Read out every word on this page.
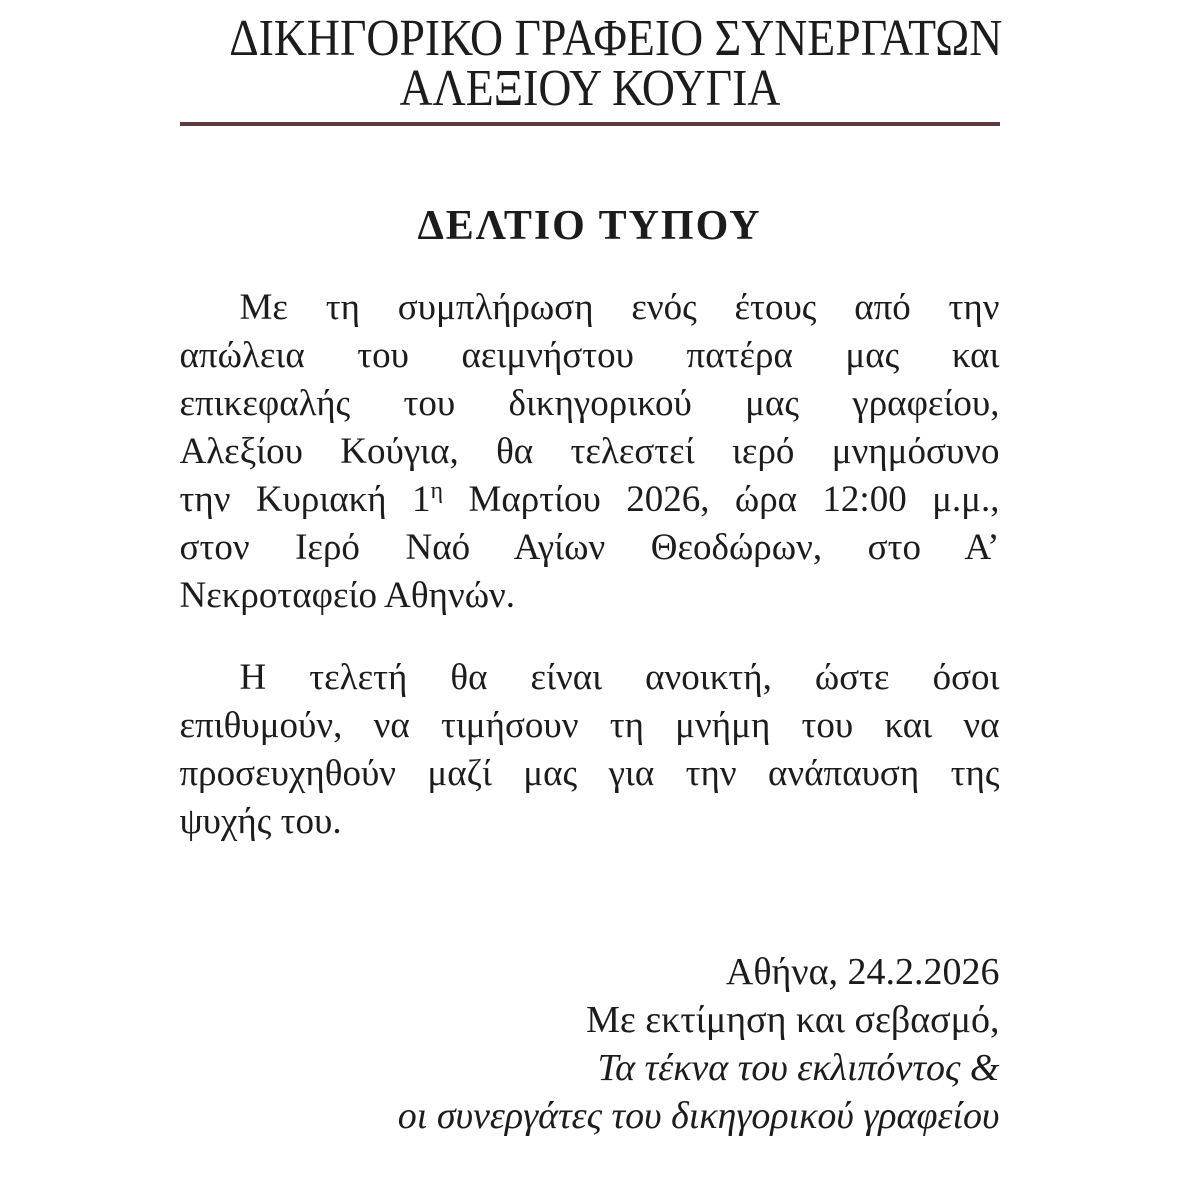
ΔΙΚΗΓΟΡΙΚΟ ΓΡΑΦΕΙΟ ΣΥΝΕΡΓΑΤΩΝ
ΑΛΕΞΙΟΥ ΚΟΥΓΙΑ
ΔΕΛΤΙΟ ΤΥΠΟΥ
Με τη συμπλήρωση ενός έτους από την
απώλεια του αειμνήστου πατέρα μας και
επικεφαλής του δικηγορικού μας γραφείου,
Αλεξίου Κούγια, θα τελεστεί ιερό μνημόσυνο
την Κυριακή $1^\eta$ Μαρτίου 2026, ώρα 12:00 μ.μ.,
στον Ιερό Ναό Αγίων Θεοδώρων, στο Α’
Νεκροταφείο Αθηνών.
Η τελετή θα είναι ανοικτή, ώστε όσοι
επιθυμούν, να τιμήσουν τη μνήμη του και να
προσευχηθούν μαζί μας για την ανάπαυση της
ψυχής του.
Αθήνα, 24.2.2026
Με εκτίμηση και σεβασμό,
Τα τέκνα του εκλιπόντος &
οι συνεργάτες του δικηγορικού γραφείου
